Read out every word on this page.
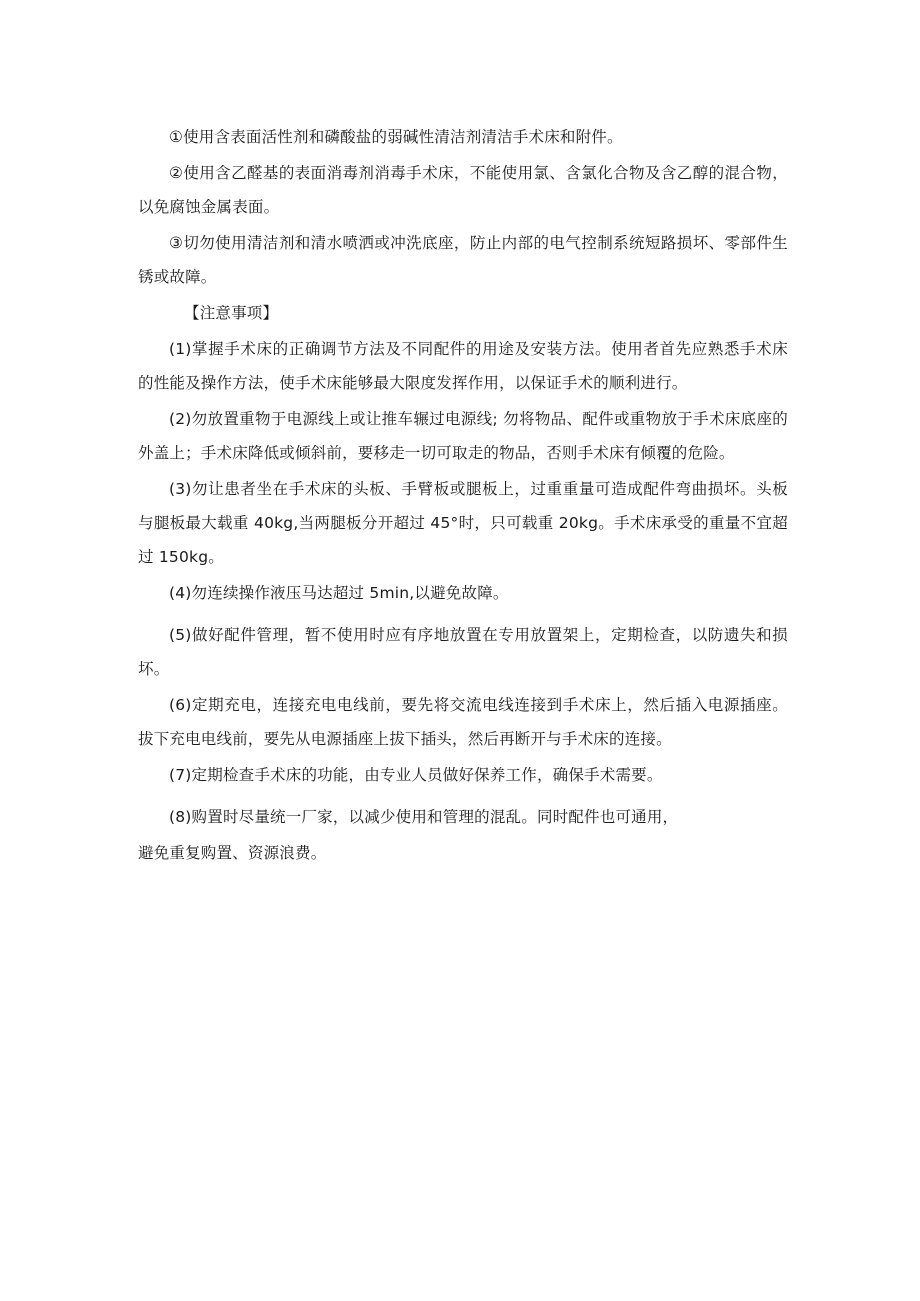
①使用含表面活性剂和磷酸盐的弱碱性清洁剂清洁手术床和附件。

②使用含乙醛基的表面消毒剂消毒手术床，不能使用氯、含氯化合物及含乙醇的混合物，以免腐蚀金属表面。

③切勿使用清洁剂和清水喷洒或冲洗底座，防止内部的电气控制系统短路损坏、零部件生锈或故障。

【注意事项】

(1)掌握手术床的正确调节方法及不同配件的用途及安装方法。使用者首先应熟悉手术床的性能及操作方法，使手术床能够最大限度发挥作用，以保证手术的顺利进行。

(2)勿放置重物于电源线上或让推车辗过电源线; 勿将物品、配件或重物放于手术床底座的外盖上；手术床降低或倾斜前，要移走一切可取走的物品，否则手术床有倾覆的危险。

(3)勿让患者坐在手术床的头板、手臂板或腿板上，过重重量可造成配件弯曲损坏。头板与腿板最大载重 40kg,当两腿板分开超过 45°时，只可载重 20kg。手术床承受的重量不宜超过 150kg。

(4)勿连续操作液压马达超过 5min,以避免故障。

(5)做好配件管理，暂不使用时应有序地放置在专用放置架上，定期检查，以防遗失和损坏。

(6)定期充电，连接充电电线前，要先将交流电线连接到手术床上，然后插入电源插座。拔下充电电线前，要先从电源插座上拔下插头，然后再断开与手术床的连接。

(7)定期检查手术床的功能，由专业人员做好保养工作，确保手术需要。

(8)购置时尽量统一厂家，以减少使用和管理的混乱。同时配件也可通用，

避免重复购置、资源浪费。
